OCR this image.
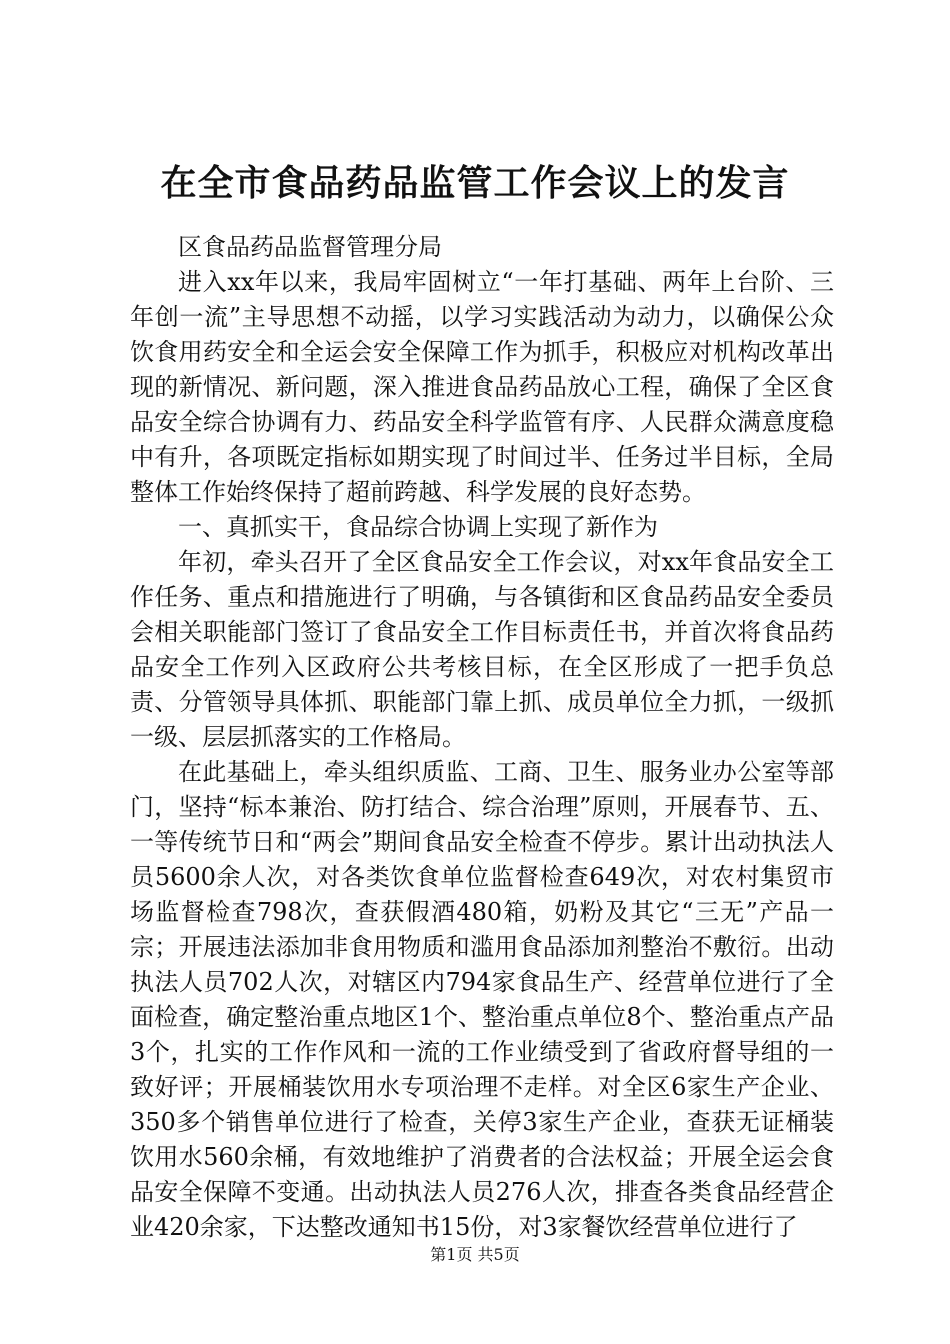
在全市食品药品监管工作会议上的发言

区食品药品监督管理分局

进入xx年以来，我局牢固树立“一年打基础、两年上台阶、三年创一流”主导思想不动摇，以学习实践活动为动力，以确保公众饮食用药安全和全运会安全保障工作为抓手，积极应对机构改革出现的新情况、新问题，深入推进食品药品放心工程，确保了全区食品安全综合协调有力、药品安全科学监管有序、人民群众满意度稳中有升，各项既定指标如期实现了时间过半、任务过半目标，全局整体工作始终保持了超前跨越、科学发展的良好态势。

一、真抓实干，食品综合协调上实现了新作为

年初，牵头召开了全区食品安全工作会议，对xx年食品安全工作任务、重点和措施进行了明确，与各镇街和区食品药品安全委员会相关职能部门签订了食品安全工作目标责任书，并首次将食品药品安全工作列入区政府公共考核目标，在全区形成了一把手负总责、分管领导具体抓、职能部门靠上抓、成员单位全力抓，一级抓一级、层层抓落实的工作格局。

在此基础上，牵头组织质监、工商、卫生、服务业办公室等部门，坚持“标本兼治、防打结合、综合治理”原则，开展春节、五、一等传统节日和“两会”期间食品安全检查不停步。累计出动执法人员5600余人次，对各类饮食单位监督检查649次，对农村集贸市场监督检查798次，查获假酒480箱，奶粉及其它“三无”产品一宗；开展违法添加非食用物质和滥用食品添加剂整治不敷衍。出动执法人员702人次，对辖区内794家食品生产、经营单位进行了全面检查，确定整治重点地区1个、整治重点单位8个、整治重点产品3个，扎实的工作作风和一流的工作业绩受到了省政府督导组的一致好评；开展桶装饮用水专项治理不走样。对全区6家生产企业、350多个销售单位进行了检查，关停3家生产企业，查获无证桶装饮用水560余桶，有效地维护了消费者的合法权益；开展全运会食品安全保障不变通。出动执法人员276人次，排查各类食品经营企业420余家，下达整改通知书15份，对3家餐饮经营单位进行了

第1页 共5页
